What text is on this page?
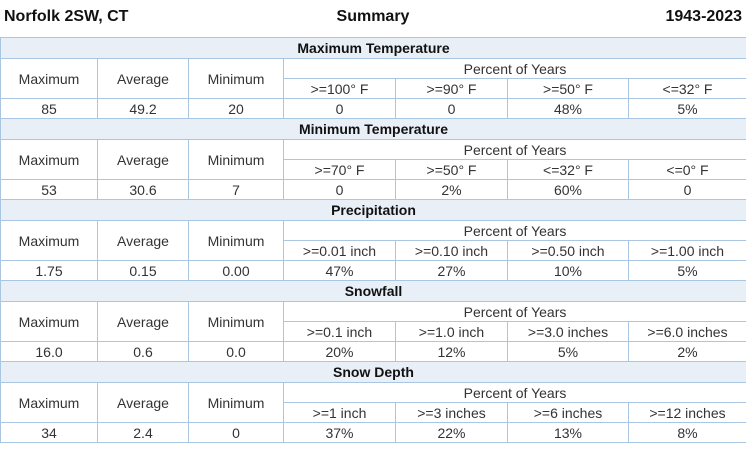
Summary
Norfolk 2SW, CT	1943-2023
Maximum Temperature						
Maximum	Average	Minimum	Percent of Years			
			>=100° F	>=90° F	>=50° F	<=32° F
85	49.2	20	0	0	48%	5%
Minimum Temperature						
Maximum	Average	Minimum	Percent of Years			
			>=70° F	>=50° F	<=32° F	<=0° F
53	30.6	7	0	2%	60%	0
Precipitation						
Maximum	Average	Minimum	Percent of Years			
			>=0.01 inch	>=0.10 inch	>=0.50 inch	>=1.00 inch
1.75	0.15	0.00	47%	27%	10%	5%
Snowfall						
Maximum	Average	Minimum	Percent of Years			
			>=0.1 inch	>=1.0 inch	>=3.0 inches	>=6.0 inches
16.0	0.6	0.0	20%	12%	5%	2%
Snow Depth						
Maximum	Average	Minimum	Percent of Years			
			>=1 inch	>=3 inches	>=6 inches	>=12 inches
34	2.4	0	37%	22%	13%	8%
